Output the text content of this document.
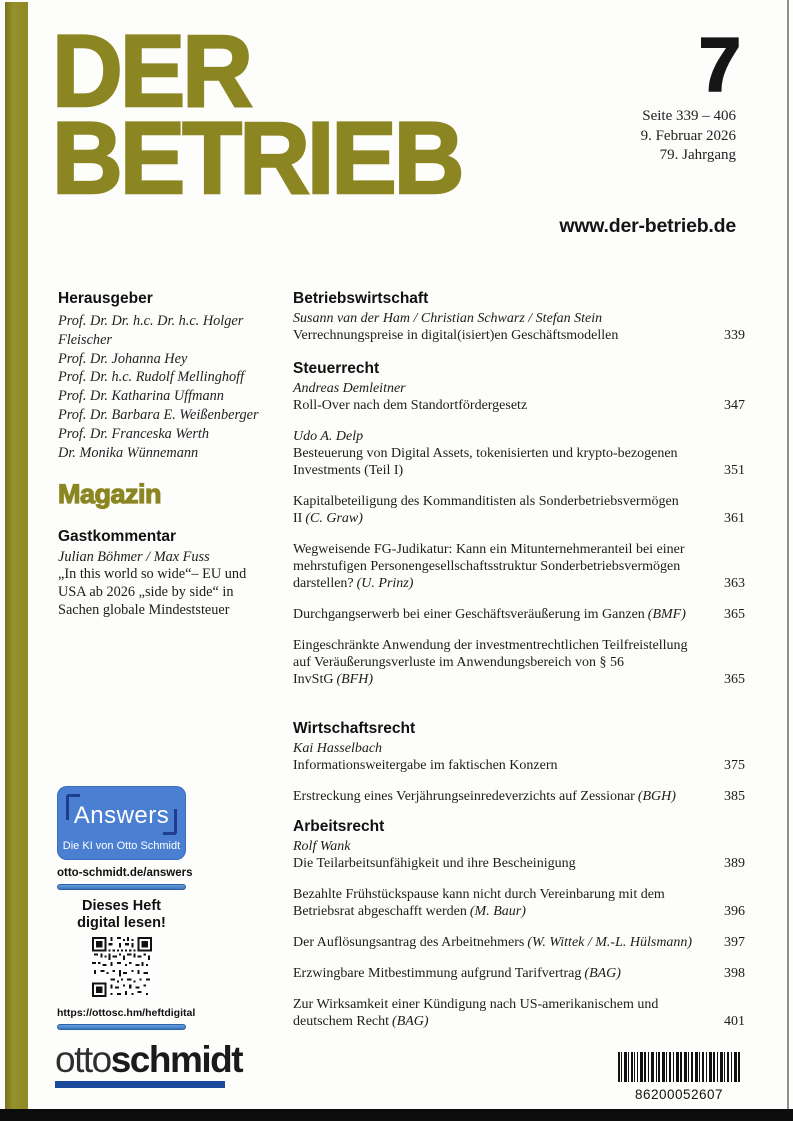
DER
BETRIEB
7
Seite 339 – 406
9. Februar 2026
79. Jahrgang
www.der-betrieb.de
Herausgeber
Prof. Dr. Dr. h.c. Dr. h.c. Holger Fleischer
Prof. Dr. Johanna Hey
Prof. Dr. h.c. Rudolf Mellinghoff
Prof. Dr. Katharina Uffmann
Prof. Dr. Barbara E. Weißenberger
Prof. Dr. Franceska Werth
Dr. Monika Wünnemann
Magazin
Gastkommentar
Julian Böhmer / Max Fuss
„In this world so wide“– EU und
USA ab 2026 „side by side“ in
Sachen globale Mindeststeuer
Betriebswirtschaft
Susann van der Ham / Christian Schwarz / Stefan Stein
Verrechnungspreise in digital(isiert)en Geschäftsmodellen	339
Steuerrecht
Andreas Demleitner
Roll-Over nach dem Standortfördergesetz	347
Udo A. Delp
Besteuerung von Digital Assets, tokenisierten und krypto-bezogenen Investments (Teil I)	351
Kapitalbeteiligung des Kommanditisten als Sonderbetriebsvermögen II (C. Graw)	361
Wegweisende FG-Judikatur: Kann ein Mitunternehmeranteil bei einer mehrstufigen Personengesellschaftsstruktur Sonderbetriebsvermögen darstellen? (U. Prinz)	363
Durchgangserwerb bei einer Geschäftsveräußerung im Ganzen (BMF)	365
Eingeschränkte Anwendung der investmentrechtlichen Teilfreistellung auf Veräußerungsverluste im Anwendungsbereich von § 56 InvStG (BFH)	365
Wirtschaftsrecht
Kai Hasselbach
Informationsweitergabe im faktischen Konzern	375
Erstreckung eines Verjährungseinredeverzichts auf Zessionar (BGH)	385
Arbeitsrecht
Rolf Wank
Die Teilarbeitsunfähigkeit und ihre Bescheinigung	389
Bezahlte Frühstückspause kann nicht durch Vereinbarung mit dem Betriebsrat abgeschafft werden (M. Baur)	396
Der Auflösungsantrag des Arbeitnehmers (W. Wittek / M.-L. Hülsmann)	397
Erzwingbare Mitbestimmung aufgrund Tarifvertrag (BAG)	398
Zur Wirksamkeit einer Kündigung nach US-amerikanischem und deutschem Recht (BAG)	401
Answers
Die KI von Otto Schmidt
otto-schmidt.de/answers
Dieses Heft
digital lesen!
https://ottosc.hm/heftdigital
ottoschmidt
86200052607
